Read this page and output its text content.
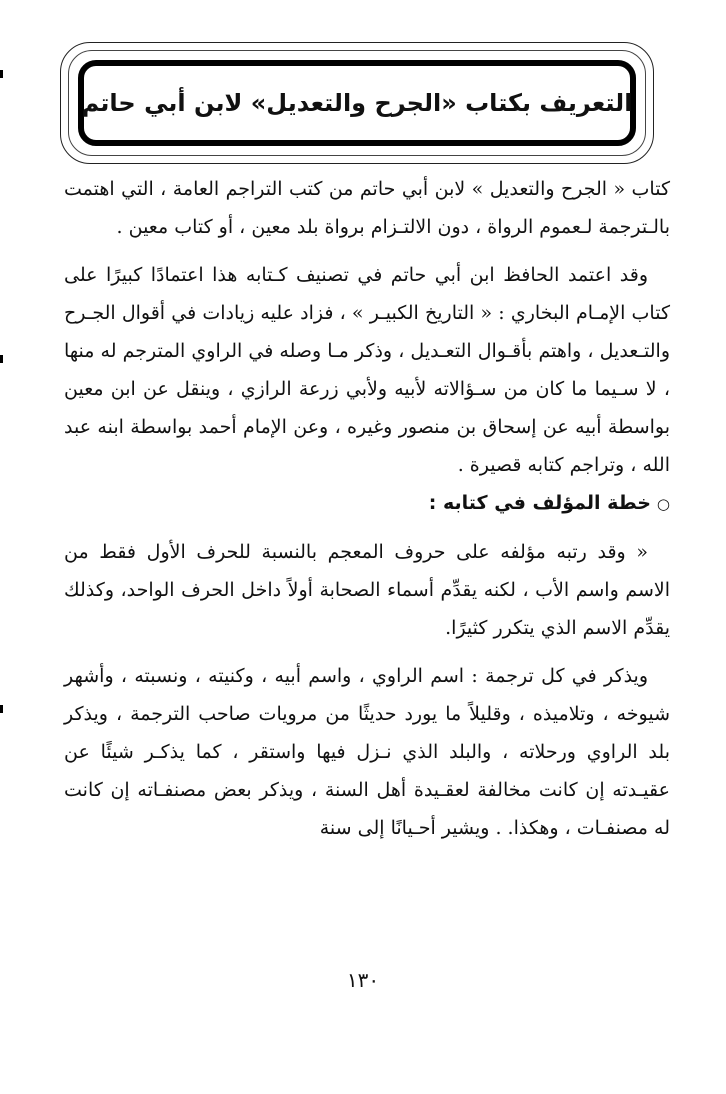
التعريف بكتاب «الجرح والتعديل» لابن أبي حاتم

كتاب « الجرح والتعديل » لابن أبي حاتم من كتب التراجم العامة ، التي اهتمت بالـترجمة لـعموم الرواة ، دون الالتـزام برواة بلد معين ، أو كتاب معين .

وقد اعتمد الحافظ ابن أبي حاتم في تصنيف كـتابه هذا اعتمادًا كبيرًا على كتاب الإمـام البخاري : « التاريخ الكبيـر » ، فزاد عليه زيادات في أقوال الجـرح والتـعديل ، واهتم بأقـوال التعـديل ، وذكر مـا وصله في الراوي المترجم له منها ، لا سـيما ما كان من سـؤالاته لأبيه ولأبي زرعة الرازي ، وينقل عن ابن معين بواسطة أبيه عن إسحاق بن منصور وغيره ، وعن الإمام أحمد بواسطة ابنه عبد الله ، وتراجم كتابه قصيرة .

○خطة المؤلف في كتابه :

« وقد رتبه مؤلفه على حروف المعجم بالنسبة للحرف الأول فقط من الاسم واسم الأب ، لكنه يقدِّم أسماء الصحابة أولاً داخل الحرف الواحد، وكذلك يقدِّم الاسم الذي يتكرر كثيرًا.

ويذكر في كل ترجمة : اسم الراوي ، واسم أبيه ، وكنيته ، ونسبته ، وأشهر شيوخه ، وتلاميذه ، وقليلاً ما يورد حديثًا من مرويات صاحب الترجمة ، ويذكر بلد الراوي ورحلاته ، والبلد الذي نـزل فيها واستقر ، كما يذكـر شيئًا عن عقيـدته إن كانت مخالفة لعقـيدة أهل السنة ، ويذكر بعض مصنفـاته إن كانت له مصنفـات ، وهكذا. . ويشير أحـيانًا إلى سنة

١٣٠
